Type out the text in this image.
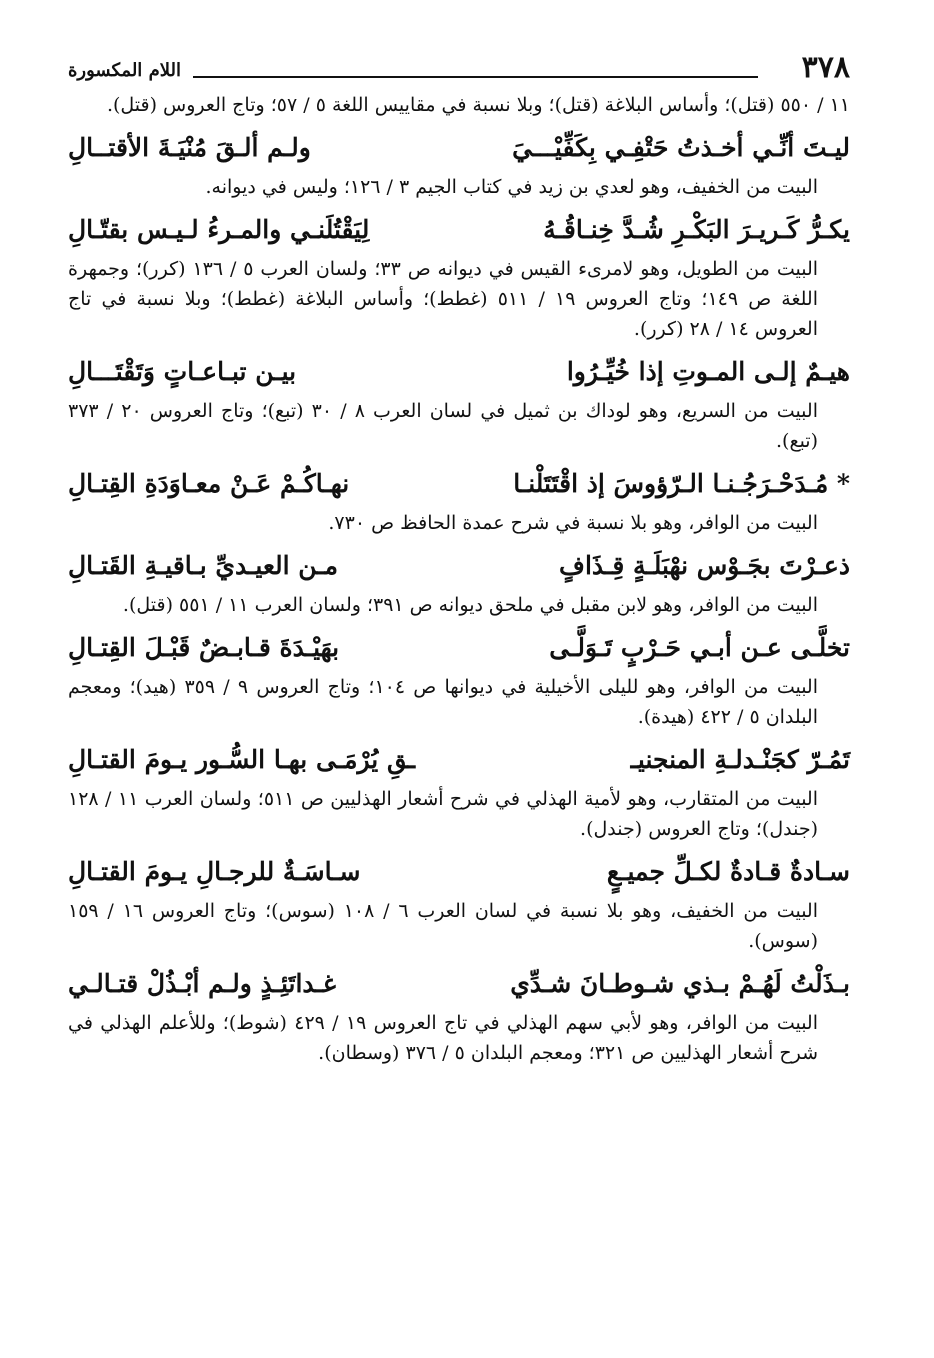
٣٧٨
اللام المكسورة

١١ / ٥٥٠ (قتل)؛ وأساس البلاغة (قتل)؛ وبلا نسبة في مقاييس اللغة ٥ / ٥٧؛ وتاج العروس (قتل).

ليـتَ أنِّـي أخـذتُ حَتْفِـي بِكَفِّيْـــيَ
ولـم ألـقَ مُنْيَـةَ الأقتــالِ

البيت من الخفيف، وهو لعدي بن زيد في كتاب الجيم ٣ / ١٢٦؛ وليس في ديوانه.

يكـرُّ كَـريـرَ البَكْـرِ شُـدَّ خِنـاقُـهُ
لِيَقْتُلَنـي والمـرءُ لـيـس بقتّـالِ

البيت من الطويل، وهو لامرىء القيس في ديوانه ص ٣٣؛ ولسان العرب ٥ / ١٣٦ (كرر)؛ وجمهرة اللغة ص ١٤٩؛ وتاج العروس ١٩ / ٥١١ (غطط)؛ وأساس البلاغة (غطط)؛ وبلا نسبة في تاج العروس ١٤ / ٢٨ (كرر).

هيـمٌ إلـى المـوتِ إذا خُيِّـرُوا
بيـن تبـاعـاتٍ وَتَقْتَـــالِ

البيت من السريع، وهو لوداك بن ثميل في لسان العرب ٨ / ٣٠ (تبع)؛ وتاج العروس ٢٠ / ٣٧٣ (تبع).

* مُـدَحْـرَجُـنـا الـرّؤوسَ إذ اقْتَتَلْنـا
نهـاكُـمْ عَـنْ معـاوَدَةِ القِتـالِ

البيت من الوافر، وهو بلا نسبة في شرح عمدة الحافظ ص ٧٣٠.

ذعـرْتَ بجَـوْس نهْبَلَـةٍ قِـذَافٍ
مـن العيـديِّ بـاقيـةِ القَتـالِ

البيت من الوافر، وهو لابن مقبل في ملحق ديوانه ص ٣٩١؛ ولسان العرب ١١ / ٥٥١ (قتل).

تخلَّـى عـن أبـي حَـرْبٍ تَـوَلَّـى
بهَيْـدَةَ قـابـضٌ قَبْـلَ القِتـالِ

البيت من الوافر، وهو لليلى الأخيلية في ديوانها ص ١٠٤؛ وتاج العروس ٩ / ٣٥٩ (هيد)؛ ومعجم البلدان ٥ / ٤٢٢ (هيدة).

تَمُـرّ كجَنْـدلـةِ المنجنيـ
ـقِ يُرْمَـى بهـا السُّـور يـومَ القتـالِ

البيت من المتقارب، وهو لأمية الهذلي في شرح أشعار الهذليين ص ٥١١؛ ولسان العرب ١١ / ١٢٨ (جندل)؛ وتاج العروس (جندل).

سـادةٌ قـادةٌ لكـلِّ جميـعٍ
سـاسَـةٌ للرجـالِ يـومَ القتـالِ

البيت من الخفيف، وهو بلا نسبة في لسان العرب ٦ / ١٠٨ (سوس)؛ وتاج العروس ١٦ / ١٥٩ (سوس).

بـذَلْتُ لَهُـمْ بـذي شـوطـانَ شـدِّي
غـداتَئِـذٍ ولـم أبْـذُلْ قتـالـي

البيت من الوافر، وهو لأبي سهم الهذلي في تاج العروس ١٩ / ٤٢٩ (شوط)؛ وللأعلم الهذلي في شرح أشعار الهذليين ص ٣٢١؛ ومعجم البلدان ٥ / ٣٧٦ (وسطان).
